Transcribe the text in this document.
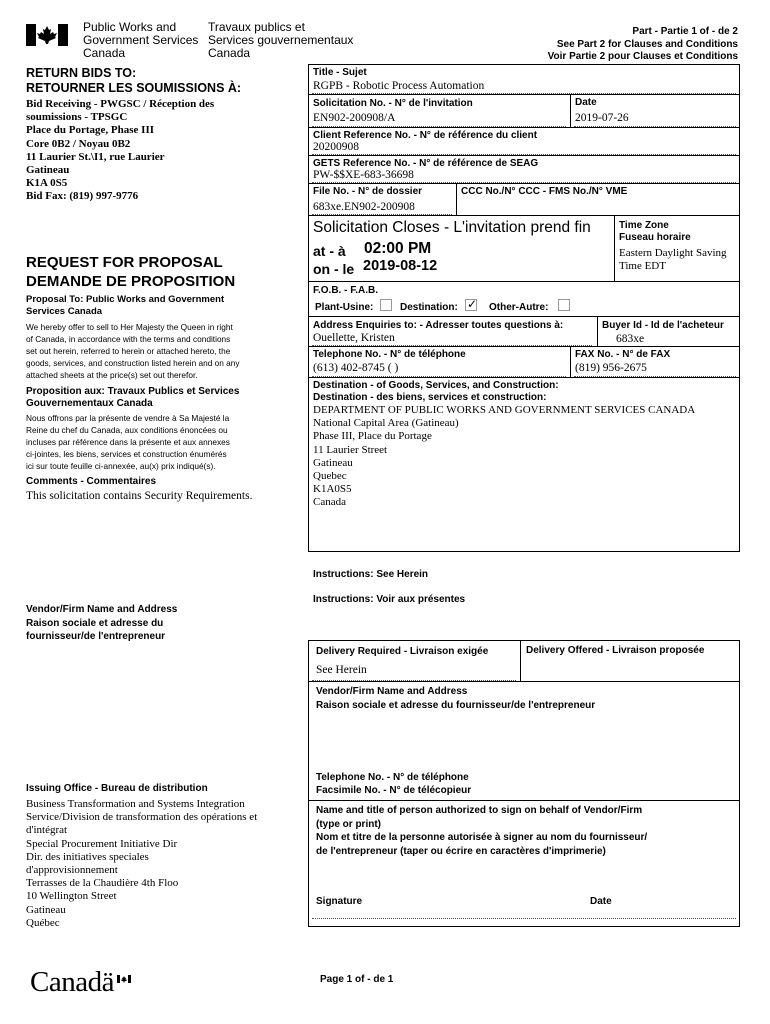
Public Works and
Government Services
Canada
Travaux publics et
Services gouvernementaux
Canada
Part - Partie 1 of - de 2
See Part 2 for Clauses and Conditions
Voir Partie 2 pour Clauses et Conditions
RETURN BIDS TO:
RETOURNER LES SOUMISSIONS À:
Bid Receiving - PWGSC / Réception des
soumissions - TPSGC
Place du Portage, Phase III
Core 0B2 / Noyau 0B2
11 Laurier St.\I1, rue Laurier
Gatineau
K1A 0S5
Bid Fax: (819) 997-9776
REQUEST FOR PROPOSAL
DEMANDE DE PROPOSITION
Proposal To: Public Works and Government
Services Canada
We hereby offer to sell to Her Majesty the Queen in right
of Canada, in accordance with the terms and conditions
set out herein, referred to herein or attached hereto, the
goods, services, and construction listed herein and on any
attached sheets at the price(s) set out therefor.
Proposition aux: Travaux Publics et Services
Gouvernementaux Canada
Nous offrons par la présente de vendre à Sa Majesté la
Reine du chef du Canada, aux conditions énoncées ou
incluses par référence dans la présente et aux annexes
ci-jointes, les biens, services et construction énumérés
ici sur toute feuille ci-annexée, au(x) prix indiqué(s).
Comments - Commentaires
This solicitation contains Security Requirements.
Vendor/Firm Name and Address
Raison sociale et adresse du
fournisseur/de l'entrepreneur
Issuing Office - Bureau de distribution
Business Transformation and Systems Integration
Service/Division de transformation des opérations et
d'intégrat
Special Procurement Initiative Dir
Dir. des initiatives speciales
d'approvisionnement
Terrasses de la Chaudière 4th Floo
10 Wellington Street
Gatineau
Québec
Title - Sujet
RGPB - Robotic Process Automation
Solicitation No. - N° de l'invitation
EN902-200908/A
Date
2019-07-26
Client Reference No. - N° de référence du client
20200908
GETS Reference No. - N° de référence de SEAG
PW-$$XE-683-36698
File No. - N° de dossier
683xe.EN902-200908
CCC No./N° CCC - FMS No./N° VME
Solicitation Closes - L'invitation prend fin
at - à 02:00 PM
on - le 2019-08-12
Time Zone
Fuseau horaire
Eastern Daylight Saving
Time EDT
F.O.B. - F.A.B.
Plant-Usine:	Destination: ✓ Other-Autre:
Address Enquiries to: - Adresser toutes questions à:
Ouellette, Kristen
Buyer Id - Id de l'acheteur
683xe
Telephone No. - N° de téléphone
(613) 402-8745 ( )
FAX No. - N° de FAX
(819) 956-2675
Destination - of Goods, Services, and Construction:
Destination - des biens, services et construction:
DEPARTMENT OF PUBLIC WORKS AND GOVERNMENT SERVICES CANADA
National Capital Area (Gatineau)
Phase III, Place du Portage
11 Laurier Street
Gatineau
Quebec
K1A0S5
Canada
Instructions: See Herein
Instructions: Voir aux présentes
Delivery Required - Livraison exigée
See Herein
Delivery Offered - Livraison proposée
Vendor/Firm Name and Address
Raison sociale et adresse du fournisseur/de l'entrepreneur
Telephone No. - N° de téléphone
Facsimile No. - N° de télécopieur
Name and title of person authorized to sign on behalf of Vendor/Firm
(type or print)
Nom et titre de la personne autorisée à signer au nom du fournisseur/
de l'entrepreneur (taper ou écrire en caractères d'imprimerie)
Signature	Date
Canadä	Page 1 of - de 1
